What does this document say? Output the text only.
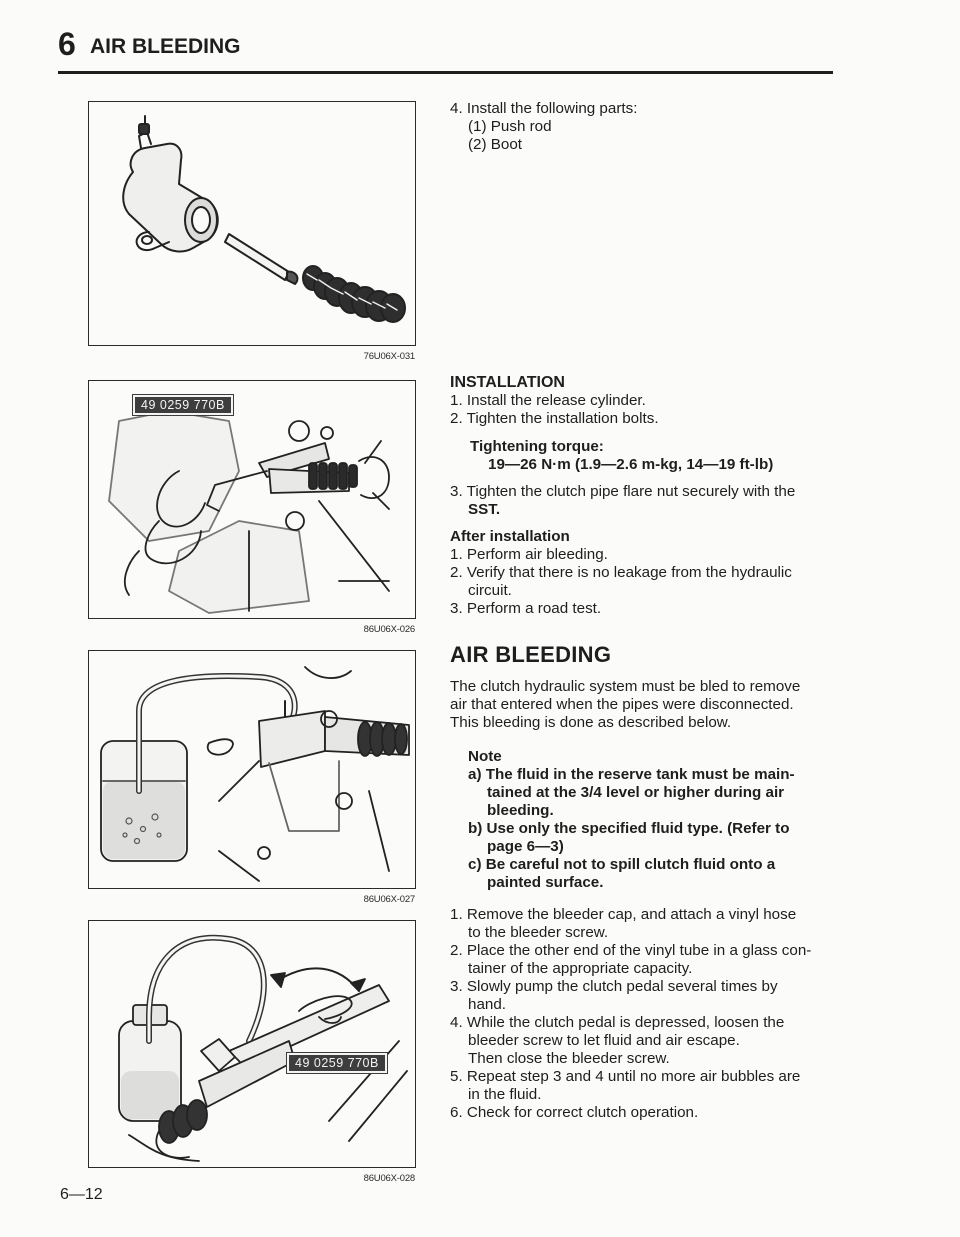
6 AIR BLEEDING
76U06X-031
49 0259 770B
86U06X-026
86U06X-027
49 0259 770B
86U06X-028
4. Install the following parts:
(1) Push rod
(2) Boot
INSTALLATION
1. Install the release cylinder.
2. Tighten the installation bolts.
Tightening torque:
19—26 N·m (1.9—2.6 m-kg, 14—19 ft-lb)
3. Tighten the clutch pipe flare nut securely with the
SST.
After installation
1. Perform air bleeding.
2. Verify that there is no leakage from the hydraulic
circuit.
3. Perform a road test.
AIR BLEEDING
The clutch hydraulic system must be bled to remove
air that entered when the pipes were disconnected.
This bleeding is done as described below.
Note
a) The fluid in the reserve tank must be main-
tained at the 3/4 level or higher during air
bleeding.
b) Use only the specified fluid type. (Refer to
page 6—3)
c) Be careful not to spill clutch fluid onto a
painted surface.
1. Remove the bleeder cap, and attach a vinyl hose
to the bleeder screw.
2. Place the other end of the vinyl tube in a glass con-
tainer of the appropriate capacity.
3. Slowly pump the clutch pedal several times by
hand.
4. While the clutch pedal is depressed, loosen the
bleeder screw to let fluid and air escape.
Then close the bleeder screw.
5. Repeat step 3 and 4 until no more air bubbles are
in the fluid.
6. Check for correct clutch operation.
6—12
